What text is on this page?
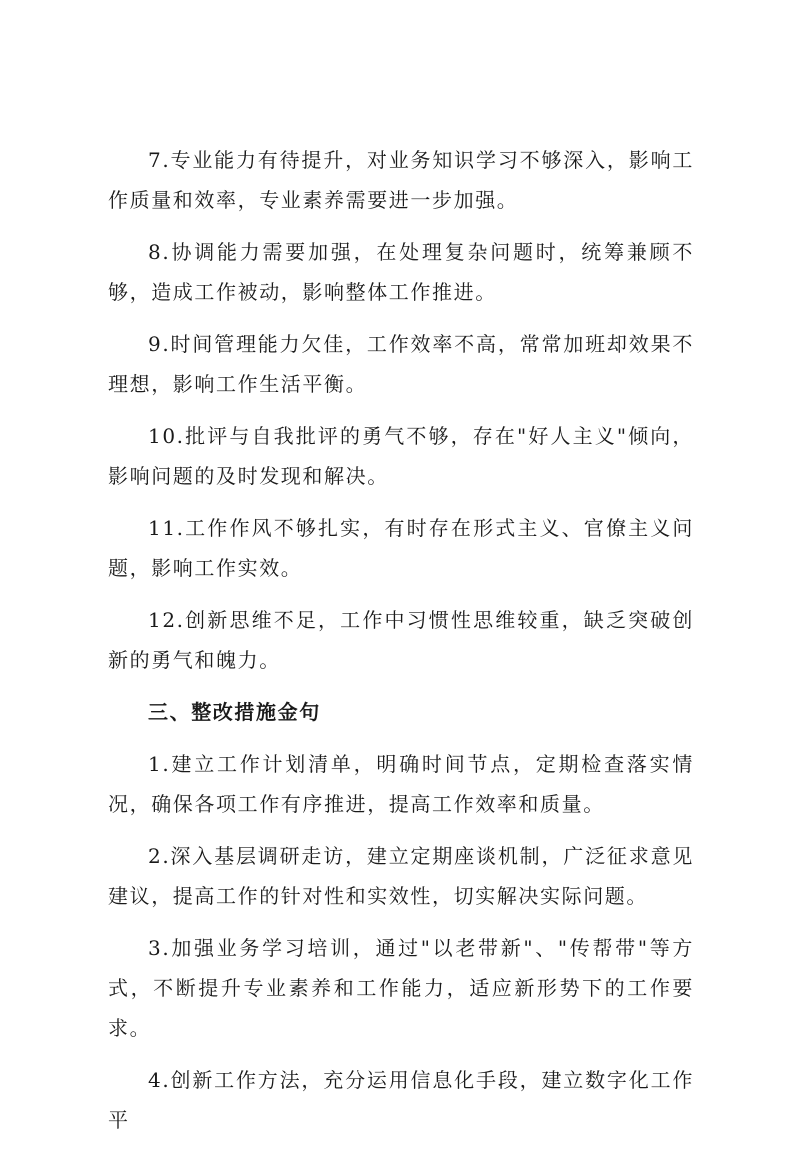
7.专业能力有待提升，对业务知识学习不够深入，影响工作质量和效率，专业素养需要进一步加强。

8.协调能力需要加强，在处理复杂问题时，统筹兼顾不够，造成工作被动，影响整体工作推进。

9.时间管理能力欠佳，工作效率不高，常常加班却效果不理想，影响工作生活平衡。

10.批评与自我批评的勇气不够，存在"好人主义"倾向，影响问题的及时发现和解决。

11.工作作风不够扎实，有时存在形式主义、官僚主义问题，影响工作实效。

12.创新思维不足，工作中习惯性思维较重，缺乏突破创新的勇气和魄力。

三、整改措施金句

1.建立工作计划清单，明确时间节点，定期检查落实情况，确保各项工作有序推进，提高工作效率和质量。

2.深入基层调研走访，建立定期座谈机制，广泛征求意见建议，提高工作的针对性和实效性，切实解决实际问题。

3.加强业务学习培训，通过"以老带新"、"传帮带"等方式，不断提升专业素养和工作能力，适应新形势下的工作要求。

4.创新工作方法，充分运用信息化手段，建立数字化工作平
